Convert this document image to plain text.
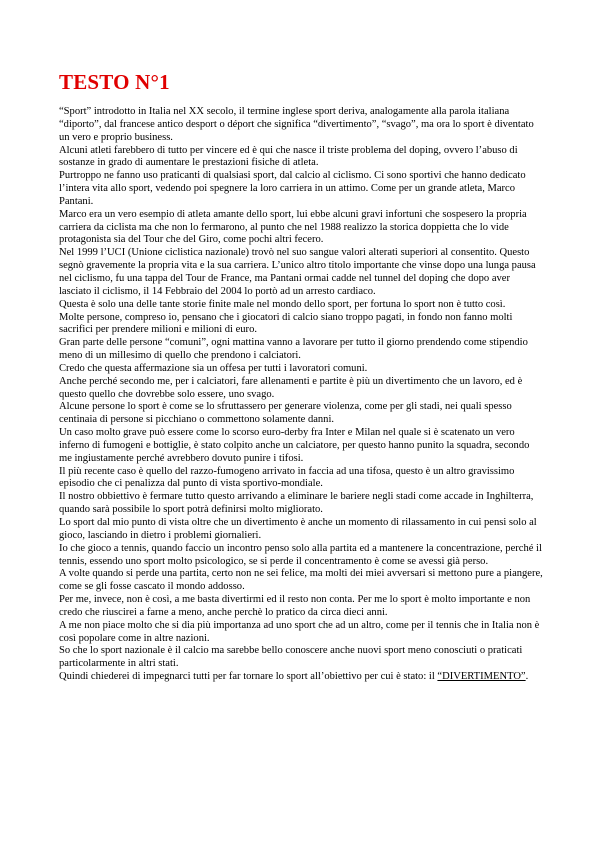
TESTO N°1

“Sport” introdotto in Italia nel XX secolo, il termine inglese sport deriva, analogamente alla parola italiana “diporto”, dal francese antico desport o déport che significa “divertimento”, “svago”, ma ora lo sport è diventato un vero e proprio business.

Alcuni atleti farebbero di tutto per vincere ed è qui che nasce il triste problema del doping, ovvero l’abuso di sostanze in grado di aumentare le prestazioni fisiche di atleta.

Purtroppo ne fanno uso praticanti di qualsiasi sport, dal calcio al ciclismo. Ci sono sportivi che hanno dedicato l’intera vita allo sport, vedendo poi spegnere la loro carriera in un attimo. Come per un grande atleta, Marco Pantani.

Marco era un vero esempio di atleta amante dello sport, lui ebbe alcuni gravi infortuni che sospesero la propria carriera da ciclista ma che non lo fermarono, al punto che nel 1988 realizzo la storica doppietta che lo vide protagonista sia del Tour che del Giro, come pochi altri fecero.

Nel 1999 l’UCI (Unione ciclistica nazionale) trovò nel suo sangue valori alterati superiori al consentito. Questo segnò gravemente la propria vita e la sua carriera. L’unico altro titolo importante che vinse dopo una lunga pausa nel ciclismo, fu una tappa del Tour de France, ma Pantani ormai cadde nel tunnel del doping che dopo aver lasciato il ciclismo, il 14 Febbraio del 2004 lo portò ad un arresto cardiaco.

Questa è solo una delle tante storie finite male nel mondo dello sport, per fortuna lo sport non è tutto così.

Molte persone, compreso io, pensano che i giocatori di calcio siano troppo pagati, in fondo non fanno molti sacrifici per prendere milioni e milioni di euro.

Gran parte delle persone “comuni”, ogni mattina vanno a lavorare per tutto il giorno prendendo come stipendio meno di un millesimo di quello che prendono i calciatori.

Credo che questa affermazione sia un offesa per tutti i lavoratori comuni.

Anche perché secondo me, per i calciatori, fare allenamenti e partite è più un divertimento che un lavoro, ed è questo quello che dovrebbe solo essere, uno svago.

Alcune persone lo sport è come se lo sfruttassero per generare violenza, come per gli stadi, nei quali spesso centinaia di persone si picchiano o commettono solamente danni.

Un caso molto grave può essere come lo scorso euro-derby fra Inter e Milan nel quale si è scatenato un vero inferno di fumogeni e bottiglie, è stato colpito anche un calciatore, per questo hanno punito la squadra, secondo me ingiustamente perché avrebbero dovuto punire i tifosi.

Il più recente caso è quello del razzo-fumogeno arrivato in faccia ad una tifosa, questo è un altro gravissimo episodio che ci penalizza dal punto di vista sportivo-mondiale.

Il nostro obbiettivo è fermare tutto questo arrivando a eliminare le bariere negli stadi come accade in Inghilterra, quando sarà possibile lo sport potrà definirsi molto migliorato.

Lo sport dal mio punto di vista oltre che un divertimento è anche un momento di rilassamento in cui pensi solo al gioco, lasciando in dietro i problemi giornalieri.

Io che gioco a tennis, quando faccio un incontro penso solo alla partita ed a mantenere la concentrazione, perché il tennis, essendo uno sport molto psicologico, se si perde il concentramento è come se avessi già perso.

A volte quando si perde una partita, certo non ne sei felice, ma molti dei miei avversari si mettono pure a piangere, come se gli fosse cascato il mondo addosso.

Per me, invece, non è così, a me basta divertirmi ed il resto non conta. Per me lo sport è molto importante e non credo che riuscirei a farne a meno, anche perchè lo pratico da circa dieci anni.

A me non piace molto che si dia più importanza ad uno sport che ad un altro, come per il tennis che in Italia non è così popolare come in altre nazioni.

So che lo sport nazionale è il calcio ma sarebbe bello conoscere anche nuovi sport meno conosciuti o praticati particolarmente in altri stati.

Quindi chiederei di impegnarci tutti per far tornare lo sport all’obiettivo per cui è stato: il “DIVERTIMENTO”.
